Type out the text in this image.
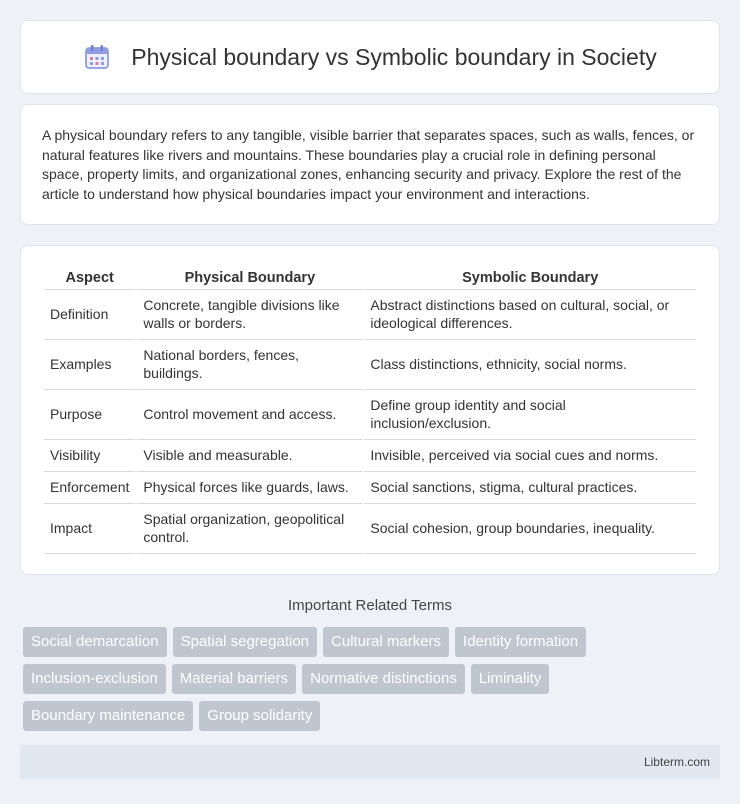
Physical boundary vs Symbolic boundary in Society

A physical boundary refers to any tangible, visible barrier that separates spaces, such as walls, fences, or natural features like rivers and mountains. These boundaries play a crucial role in defining personal space, property limits, and organizational zones, enhancing security and privacy. Explore the rest of the article to understand how physical boundaries impact your environment and interactions.

Aspect	Physical Boundary	Symbolic Boundary
Definition	Concrete, tangible divisions like walls or borders.	Abstract distinctions based on cultural, social, or ideological differences.
Examples	National borders, fences, buildings.	Class distinctions, ethnicity, social norms.
Purpose	Control movement and access.	Define group identity and social inclusion/exclusion.
Visibility	Visible and measurable.	Invisible, perceived via social cues and norms.
Enforcement	Physical forces like guards, laws.	Social sanctions, stigma, cultural practices.
Impact	Spatial organization, geopolitical control.	Social cohesion, group boundaries, inequality.
Important Related Terms
Social demarcation	Spatial segregation	Cultural markers	Identity formation
Inclusion-exclusion	Material barriers	Normative distinctions	Liminality
Boundary maintenance	Group solidarity
Libterm.com
